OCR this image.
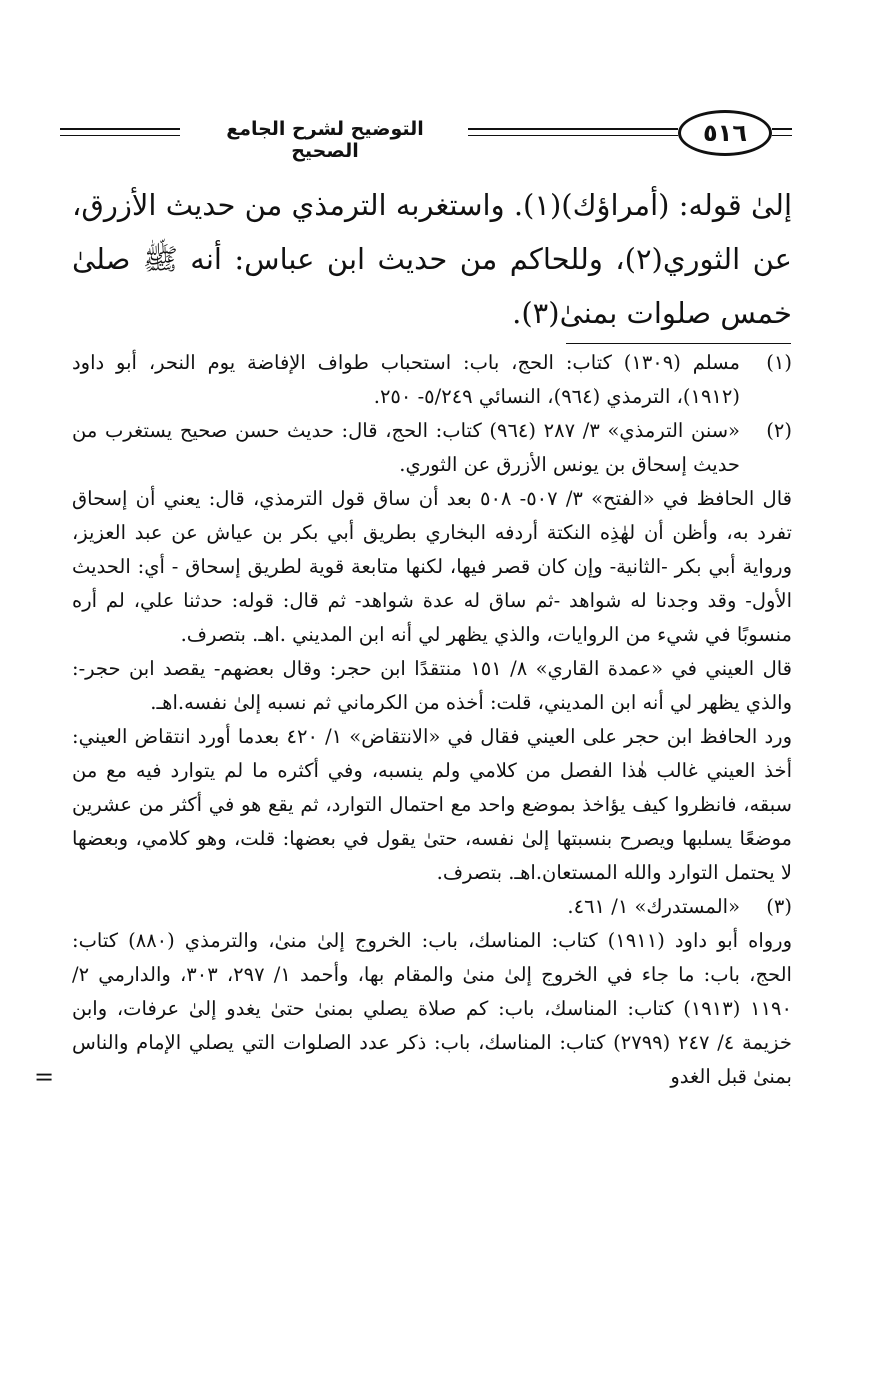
التوضيح لشرح الجامع الصحيح
٥١٦

إلىٰ قوله: (أمراؤك)(١). واستغربه الترمذي من حديث الأزرق، عن الثوري(٢)، وللحاكم من حديث ابن عباس: أنه ﷺ صلىٰ خمس صلوات بمنىٰ(٣).

(١)

مسلم (١٣٠٩) كتاب: الحج، باب: استحباب طواف الإفاضة يوم النحر، أبو داود (١٩١٢)، الترمذي (٩٦٤)، النسائي ٥/٢٤٩- ٢٥٠.

(٢)

«سنن الترمذي» ٣/ ٢٨٧ (٩٦٤) كتاب: الحج، قال: حديث حسن صحيح يستغرب من حديث إسحاق بن يونس الأزرق عن الثوري.

قال الحافظ في «الفتح» ٣/ ٥٠٧- ٥٠٨ بعد أن ساق قول الترمذي، قال: يعني أن إسحاق تفرد به، وأظن أن لهٰذِه النكتة أردفه البخاري بطريق أبي بكر بن عياش عن عبد العزيز، ورواية أبي بكر -الثانية- وإن كان قصر فيها، لكنها متابعة قوية لطريق إسحاق - أي: الحديث الأول- وقد وجدنا له شواهد -ثم ساق له عدة شواهد- ثم قال: قوله: حدثنا علي، لم أره منسوبًا في شيء من الروايات، والذي يظهر لي أنه ابن المديني .اهـ. بتصرف.

قال العيني في «عمدة القاري» ٨/ ١٥١ منتقدًا ابن حجر: وقال بعضهم- يقصد ابن حجر-: والذي يظهر لي أنه ابن المديني، قلت: أخذه من الكرماني ثم نسبه إلىٰ نفسه.اهـ.

ورد الحافظ ابن حجر على العيني فقال في «الانتقاض» ١/ ٤٢٠ بعدما أورد انتقاض العيني: أخذ العيني غالب هٰذا الفصل من كلامي ولم ينسبه، وفي أكثره ما لم يتوارد فيه مع من سبقه، فانظروا كيف يؤاخذ بموضع واحد مع احتمال التوارد، ثم يقع هو في أكثر من عشرين موضعًا يسلبها ويصرح بنسبتها إلىٰ نفسه، حتىٰ يقول في بعضها: قلت، وهو كلامي، وبعضها لا يحتمل التوارد والله المستعان.اهـ. بتصرف.

(٣)

«المستدرك» ١/ ٤٦١.

ورواه أبو داود (١٩١١) كتاب: المناسك، باب: الخروج إلىٰ منىٰ، والترمذي (٨٨٠) كتاب: الحج، باب: ما جاء في الخروج إلىٰ منىٰ والمقام بها، وأحمد ١/ ٢٩٧، ٣٠٣، والدارمي ٢/ ١١٩٠ (١٩١٣) كتاب: المناسك، باب: كم صلاة يصلي بمنىٰ حتىٰ يغدو إلىٰ عرفات، وابن خزيمة ٤/ ٢٤٧ (٢٧٩٩) كتاب: المناسك، باب: ذكر عدد الصلوات التي يصلي الإمام والناس بمنىٰ قبل الغدو

=
